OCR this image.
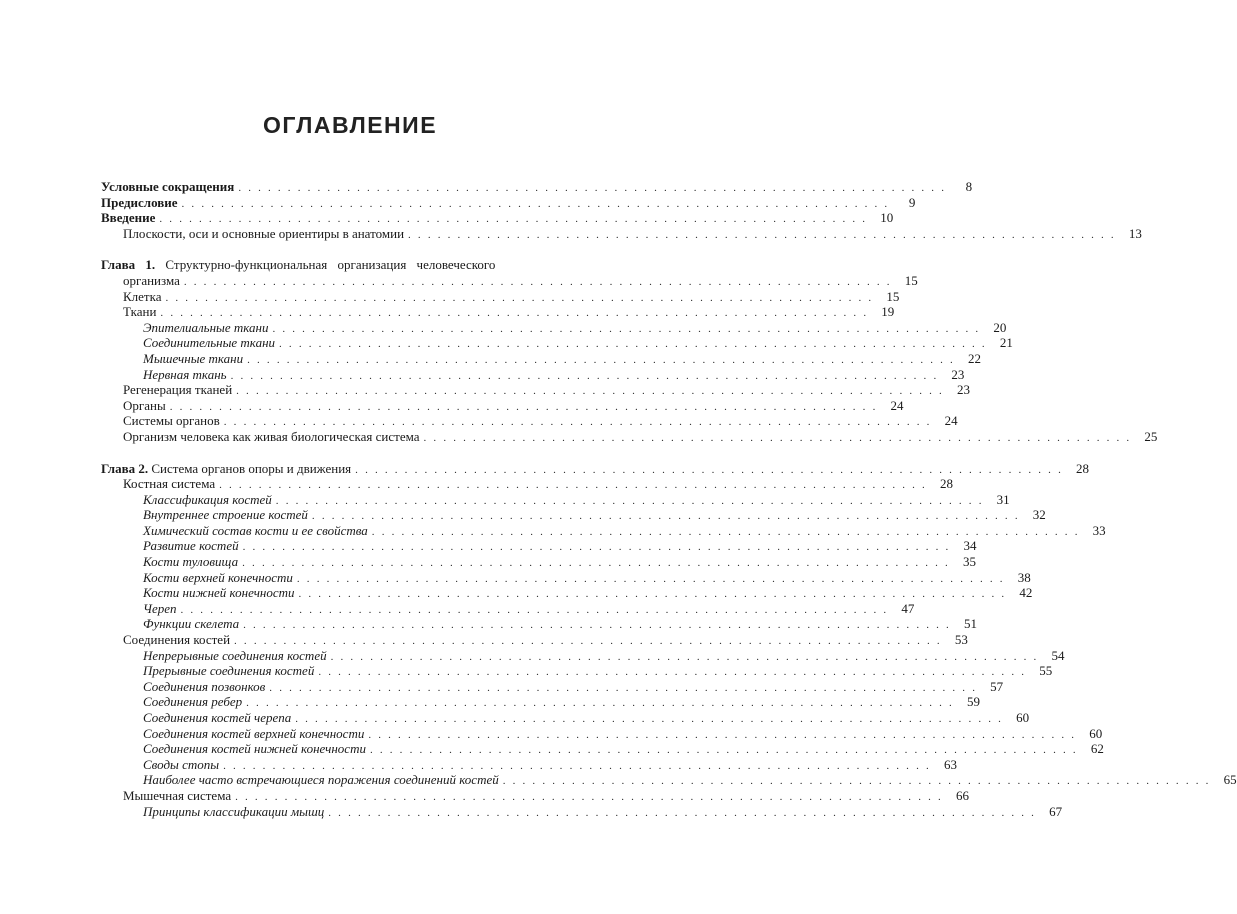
ОГЛАВЛЕНИЕ
Условные сокращения . . . . . . . . . . . . . . . . . . . . . . . . . . . . . . . . . . . . . . . . . . . . . . . . . . . . . . . . . . . . . . . . . . . . . . . .	8
Предисловие . . . . . . . . . . . . . . . . . . . . . . . . . . . . . . . . . . . . . . . . . . . . . . . . . . . . . . . . . . . . . . . . . . . . . . . .	9
Введение . . . . . . . . . . . . . . . . . . . . . . . . . . . . . . . . . . . . . . . . . . . . . . . . . . . . . . . . . . . . . . . . . . . . . . . .	10
Плоскости, оси и основные ориентиры в анатомии . . . . . . . . . . . . . . . . . . . . . . . . . . . . . . . . . . . . . . . . . . . . . . . . . . . . . . . . . . . . . . . . . . . . . . . .	13
Глава 1. Структурно-функциональная организация человеческого
организма . . . . . . . . . . . . . . . . . . . . . . . . . . . . . . . . . . . . . . . . . . . . . . . . . . . . . . . . . . . . . . . . . . . . . . . .	15
Клетка . . . . . . . . . . . . . . . . . . . . . . . . . . . . . . . . . . . . . . . . . . . . . . . . . . . . . . . . . . . . . . . . . . . . . . . .	15
Ткани . . . . . . . . . . . . . . . . . . . . . . . . . . . . . . . . . . . . . . . . . . . . . . . . . . . . . . . . . . . . . . . . . . . . . . . .	19
Эпителиальные ткани . . . . . . . . . . . . . . . . . . . . . . . . . . . . . . . . . . . . . . . . . . . . . . . . . . . . . . . . . . . . . . . . . . . . . . . .	20
Соединительные ткани . . . . . . . . . . . . . . . . . . . . . . . . . . . . . . . . . . . . . . . . . . . . . . . . . . . . . . . . . . . . . . . . . . . . . . . .	21
Мышечные ткани . . . . . . . . . . . . . . . . . . . . . . . . . . . . . . . . . . . . . . . . . . . . . . . . . . . . . . . . . . . . . . . . . . . . . . . .	22
Нервная ткань . . . . . . . . . . . . . . . . . . . . . . . . . . . . . . . . . . . . . . . . . . . . . . . . . . . . . . . . . . . . . . . . . . . . . . . .	23
Регенерация тканей . . . . . . . . . . . . . . . . . . . . . . . . . . . . . . . . . . . . . . . . . . . . . . . . . . . . . . . . . . . . . . . . . . . . . . . .	23
Органы . . . . . . . . . . . . . . . . . . . . . . . . . . . . . . . . . . . . . . . . . . . . . . . . . . . . . . . . . . . . . . . . . . . . . . . .	24
Системы органов . . . . . . . . . . . . . . . . . . . . . . . . . . . . . . . . . . . . . . . . . . . . . . . . . . . . . . . . . . . . . . . . . . . . . . . .	24
Организм человека как живая биологическая система . . . . . . . . . . . . . . . . . . . . . . . . . . . . . . . . . . . . . . . . . . . . . . . . . . . . . . . . . . . . . . . . . . . . . . . .	25
Глава 2. Система органов опоры и движения . . . . . . . . . . . . . . . . . . . . . . . . . . . . . . . . . . . . . . . . . . . . . . . . . . . . . . . . . . . . . . . . . . . . . . . .	28
Костная система . . . . . . . . . . . . . . . . . . . . . . . . . . . . . . . . . . . . . . . . . . . . . . . . . . . . . . . . . . . . . . . . . . . . . . . .	28
Классификация костей . . . . . . . . . . . . . . . . . . . . . . . . . . . . . . . . . . . . . . . . . . . . . . . . . . . . . . . . . . . . . . . . . . . . . . . .	31
Внутреннее строение костей . . . . . . . . . . . . . . . . . . . . . . . . . . . . . . . . . . . . . . . . . . . . . . . . . . . . . . . . . . . . . . . . . . . . . . . .	32
Химический состав кости и ее свойства . . . . . . . . . . . . . . . . . . . . . . . . . . . . . . . . . . . . . . . . . . . . . . . . . . . . . . . . . . . . . . . . . . . . . . . .	33
Развитие костей . . . . . . . . . . . . . . . . . . . . . . . . . . . . . . . . . . . . . . . . . . . . . . . . . . . . . . . . . . . . . . . . . . . . . . . .	34
Кости туловища . . . . . . . . . . . . . . . . . . . . . . . . . . . . . . . . . . . . . . . . . . . . . . . . . . . . . . . . . . . . . . . . . . . . . . . .	35
Кости верхней конечности . . . . . . . . . . . . . . . . . . . . . . . . . . . . . . . . . . . . . . . . . . . . . . . . . . . . . . . . . . . . . . . . . . . . . . . .	38
Кости нижней конечности . . . . . . . . . . . . . . . . . . . . . . . . . . . . . . . . . . . . . . . . . . . . . . . . . . . . . . . . . . . . . . . . . . . . . . . .	42
Череп . . . . . . . . . . . . . . . . . . . . . . . . . . . . . . . . . . . . . . . . . . . . . . . . . . . . . . . . . . . . . . . . . . . . . . . .	47
Функции скелета . . . . . . . . . . . . . . . . . . . . . . . . . . . . . . . . . . . . . . . . . . . . . . . . . . . . . . . . . . . . . . . . . . . . . . . .	51
Соединения костей . . . . . . . . . . . . . . . . . . . . . . . . . . . . . . . . . . . . . . . . . . . . . . . . . . . . . . . . . . . . . . . . . . . . . . . .	53
Непрерывные соединения костей . . . . . . . . . . . . . . . . . . . . . . . . . . . . . . . . . . . . . . . . . . . . . . . . . . . . . . . . . . . . . . . . . . . . . . . .	54
Прерывные соединения костей . . . . . . . . . . . . . . . . . . . . . . . . . . . . . . . . . . . . . . . . . . . . . . . . . . . . . . . . . . . . . . . . . . . . . . . .	55
Соединения позвонков . . . . . . . . . . . . . . . . . . . . . . . . . . . . . . . . . . . . . . . . . . . . . . . . . . . . . . . . . . . . . . . . . . . . . . . .	57
Соединения ребер . . . . . . . . . . . . . . . . . . . . . . . . . . . . . . . . . . . . . . . . . . . . . . . . . . . . . . . . . . . . . . . . . . . . . . . .	59
Соединения костей черепа . . . . . . . . . . . . . . . . . . . . . . . . . . . . . . . . . . . . . . . . . . . . . . . . . . . . . . . . . . . . . . . . . . . . . . . .	60
Соединения костей верхней конечности . . . . . . . . . . . . . . . . . . . . . . . . . . . . . . . . . . . . . . . . . . . . . . . . . . . . . . . . . . . . . . . . . . . . . . . .	60
Соединения костей нижней конечности . . . . . . . . . . . . . . . . . . . . . . . . . . . . . . . . . . . . . . . . . . . . . . . . . . . . . . . . . . . . . . . . . . . . . . . .	62
Своды стопы . . . . . . . . . . . . . . . . . . . . . . . . . . . . . . . . . . . . . . . . . . . . . . . . . . . . . . . . . . . . . . . . . . . . . . . .	63
Наиболее часто встречающиеся поражения соединений костей . . . . . . . . . . . . . . . . . . . . . . . . . . . . . . . . . . . . . . . . . . . . . . . . . . . . . . . . . . . . . . . . . . . . . . . .	65
Мышечная система . . . . . . . . . . . . . . . . . . . . . . . . . . . . . . . . . . . . . . . . . . . . . . . . . . . . . . . . . . . . . . . . . . . . . . . .	66
Принципы классификации мышц . . . . . . . . . . . . . . . . . . . . . . . . . . . . . . . . . . . . . . . . . . . . . . . . . . . . . . . . . . . . . . . . . . . . . . . .	67
